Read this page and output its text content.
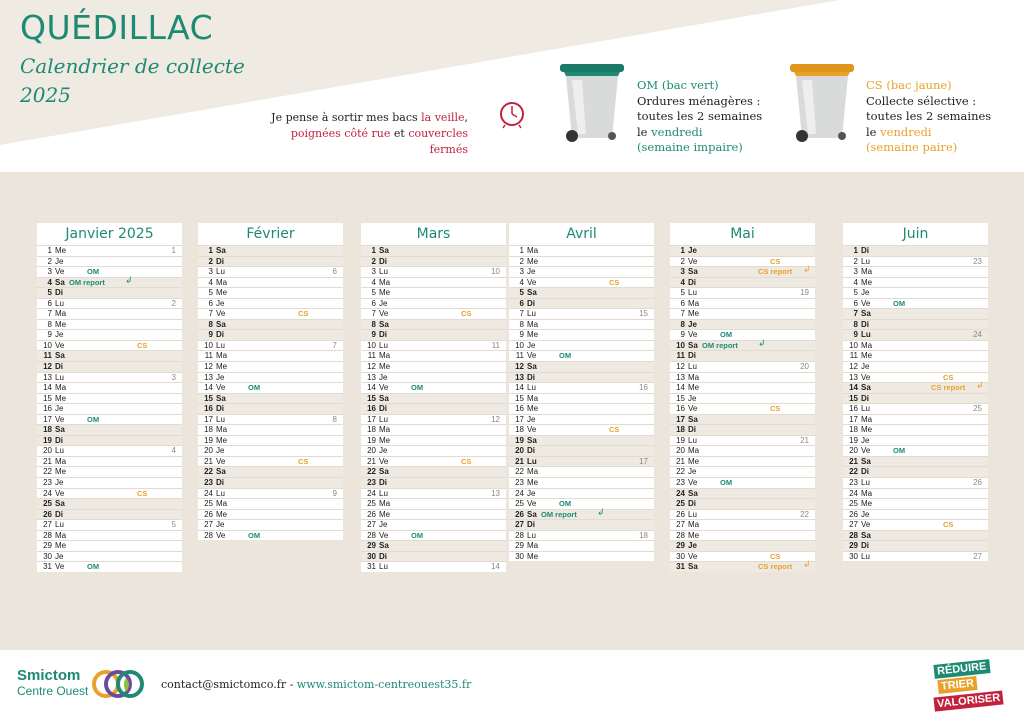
QUÉDILLAC
Calendrier de collecte
2025
Je pense à sortir mes bacs la veille,
poignées côté rue et couvercles fermés
OM (bac vert)
Ordures ménagères :
toutes les 2 semaines
le vendredi
(semaine impaire)
CS (bac jaune)
Collecte sélective :
toutes les 2 semaines
le vendredi
(semaine paire)
Janvier 2025
1 Me	1
2 Je
3 Ve	OM
4 Sa OM report ↲
5 Di
6 Lu	2
7 Ma
8 Me
9 Je
10 Ve	CS
11 Sa
12 Di
13 Lu	3
14 Ma
15 Me
16 Je
17 Ve	OM
18 Sa
19 Di
20 Lu	4
21 Ma
22 Me
23 Je
24 Ve	CS
25 Sa
26 Di
27 Lu	5
28 Ma
29 Me
30 Je
31 Ve	OM
Février
1 Sa
2 Di
3 Lu	6
4 Ma
5 Me
6 Je
7 Ve	CS
8 Sa
9 Di
10 Lu	7
11 Ma
12 Me
13 Je
14 Ve	OM
15 Sa
16 Di
17 Lu	8
18 Ma
19 Me
20 Je
21 Ve	CS
22 Sa
23 Di
24 Lu	9
25 Ma
26 Me
27 Je
28 Ve	OM
Mars
1 Sa
2 Di
3 Lu	10
4 Ma
5 Me
6 Je
7 Ve	CS
8 Sa
9 Di
10 Lu	11
11 Ma
12 Me
13 Je
14 Ve	OM
15 Sa
16 Di
17 Lu	12
18 Ma
19 Me
20 Je
21 Ve	CS
22 Sa
23 Di
24 Lu	13
25 Ma
26 Me
27 Je
28 Ve	OM
29 Sa
30 Di
31 Lu	14
Avril
1 Ma
2 Me
3 Je
4 Ve	CS
5 Sa
6 Di
7 Lu	15
8 Ma
9 Me
10 Je
11 Ve	OM
12 Sa
13 Di
14 Lu	16
15 Ma
16 Me
17 Je
18 Ve	CS
19 Sa
20 Di
21 Lu	17
22 Ma
23 Me
24 Je
25 Ve	OM
26 Sa OM report ↲
27 Di
28 Lu	18
29 Ma
30 Me
Mai
1 Je
2 Ve	CS
3 Sa	CS report ↲
4 Di
5 Lu	19
6 Ma
7 Me
8 Je
9 Ve	OM
10 Sa OM report ↲
11 Di
12 Lu	20
13 Ma
14 Me
15 Je
16 Ve	CS
17 Sa
18 Di
19 Lu	21
20 Ma
21 Me
22 Je
23 Ve	OM
24 Sa
25 Di
26 Lu	22
27 Ma
28 Me
29 Je
30 Ve	CS
31 Sa	CS report ↲
Juin
1 Di
2 Lu	23
3 Ma
4 Me
5 Je
6 Ve	OM
7 Sa
8 Di
9 Lu	24
10 Ma
11 Me
12 Je
13 Ve	CS
14 Sa	CS report ↲
15 Di
16 Lu	25
17 Ma
18 Me
19 Je
20 Ve	OM
21 Sa
22 Di
23 Lu	26
24 Ma
25 Me
26 Je
27 Ve	CS
28 Sa
29 Di
30 Lu	27
Smictom
Centre Ouest	contact@smictomco.fr - www.smictom-centreouest35.fr
RÉDUIRE
TRIER
VALORISER
